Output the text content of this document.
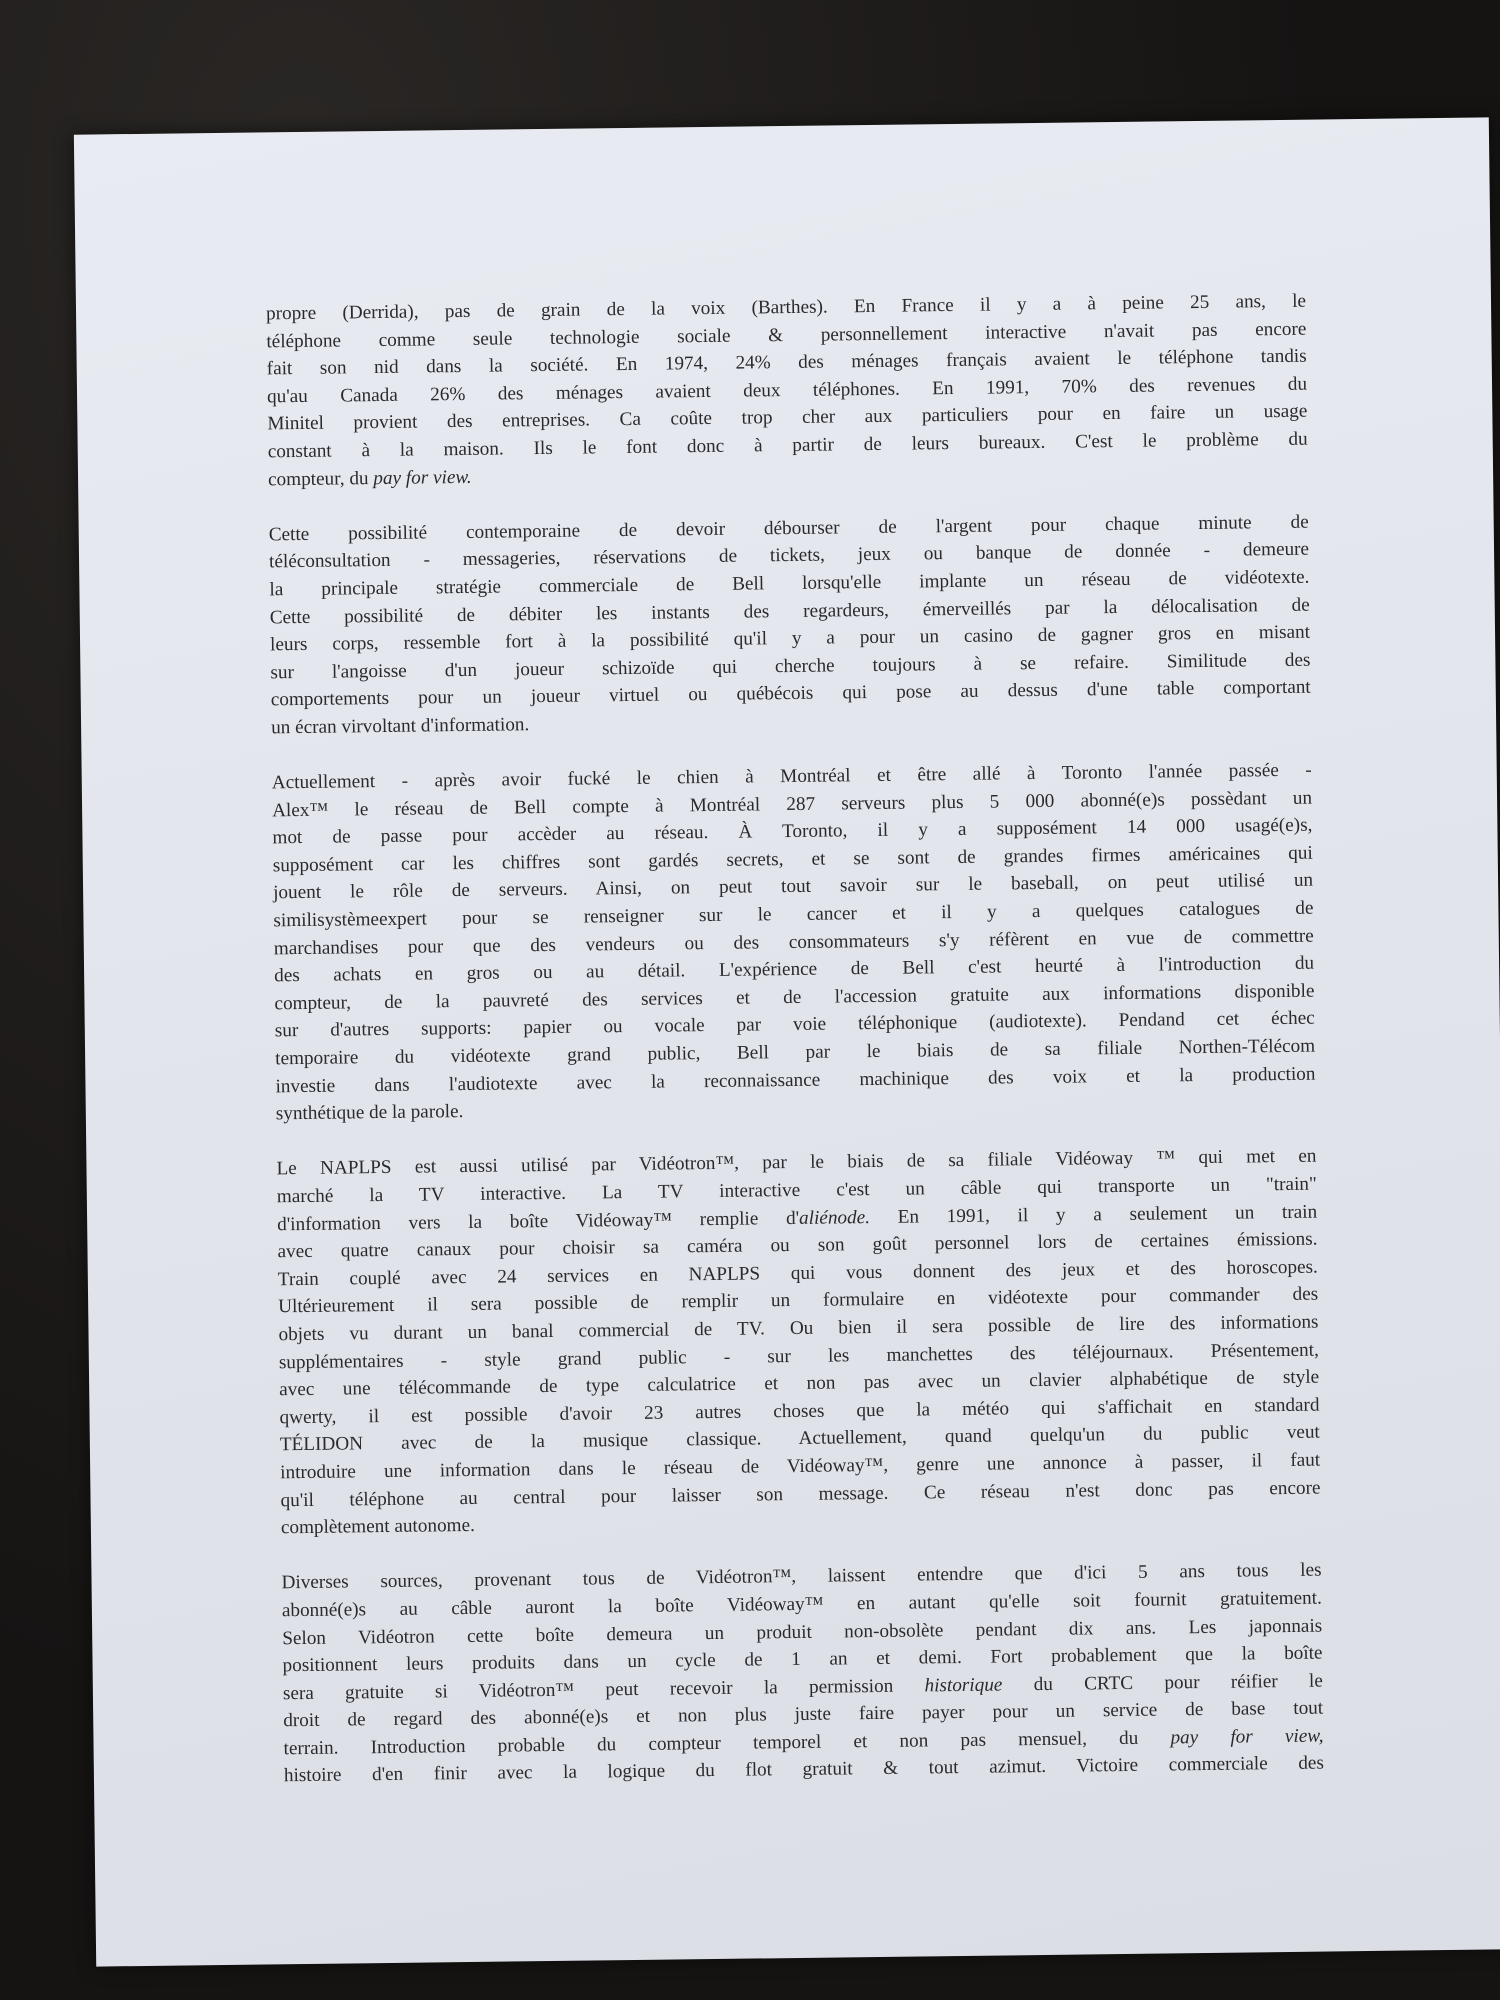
propre (Derrida), pas de grain de la voix (Barthes). En France il y a à peine 25 ans, le
téléphone comme seule technologie sociale & personnellement interactive n'avait pas encore
fait son nid dans la société. En 1974, 24% des ménages français avaient le téléphone tandis
qu'au Canada 26% des ménages avaient deux téléphones. En 1991, 70% des revenues du
Minitel provient des entreprises. Ca coûte trop cher aux particuliers pour en faire un usage
constant à la maison. Ils le font donc à partir de leurs bureaux. C'est le problème du
compteur, du pay for view.

Cette possibilité contemporaine de devoir débourser de l'argent pour chaque minute de
téléconsultation - messageries, réservations de tickets, jeux ou banque de donnée - demeure
la principale stratégie commerciale de Bell lorsqu'elle implante un réseau de vidéotexte.
Cette possibilité de débiter les instants des regardeurs, émerveillés par la délocalisation de
leurs corps, ressemble fort à la possibilité qu'il y a pour un casino de gagner gros en misant
sur l'angoisse d'un joueur schizoïde qui cherche toujours à se refaire. Similitude des
comportements pour un joueur virtuel ou québécois qui pose au dessus d'une table comportant
un écran virvoltant d'information.

Actuellement - après avoir fucké le chien à Montréal et être allé à Toronto l'année passée -
Alex™ le réseau de Bell compte à Montréal 287 serveurs plus 5 000 abonné(e)s possèdant un
mot de passe pour accèder au réseau. À Toronto, il y a supposément 14 000 usagé(e)s,
supposément car les chiffres sont gardés secrets, et se sont de grandes firmes américaines qui
jouent le rôle de serveurs. Ainsi, on peut tout savoir sur le baseball, on peut utilisé un
similisystèmeexpert pour se renseigner sur le cancer et il y a quelques catalogues de
marchandises pour que des vendeurs ou des consommateurs s'y réfèrent en vue de commettre
des achats en gros ou au détail. L'expérience de Bell c'est heurté à l'introduction du
compteur, de la pauvreté des services et de l'accession gratuite aux informations disponible
sur d'autres supports: papier ou vocale par voie téléphonique (audiotexte). Pendand cet échec
temporaire du vidéotexte grand public, Bell par le biais de sa filiale Northen-Télécom
investie dans l'audiotexte avec la reconnaissance machinique des voix et la production
synthétique de la parole.

Le NAPLPS est aussi utilisé par Vidéotron™, par le biais de sa filiale Vidéoway ™ qui met en
marché la TV interactive. La TV interactive c'est un câble qui transporte un "train"
d'information vers la boîte Vidéoway™ remplie d'aliénode. En 1991, il y a seulement un train
avec quatre canaux pour choisir sa caméra ou son goût personnel lors de certaines émissions.
Train couplé avec 24 services en NAPLPS qui vous donnent des jeux et des horoscopes.
Ultérieurement il sera possible de remplir un formulaire en vidéotexte pour commander des
objets vu durant un banal commercial de TV. Ou bien il sera possible de lire des informations
supplémentaires - style grand public - sur les manchettes des téléjournaux. Présentement,
avec une télécommande de type calculatrice et non pas avec un clavier alphabétique de style
qwerty, il est possible d'avoir 23 autres choses que la météo qui s'affichait en standard
TÉLIDON avec de la musique classique. Actuellement, quand quelqu'un du public veut
introduire une information dans le réseau de Vidéoway™, genre une annonce à passer, il faut
qu'il téléphone au central pour laisser son message. Ce réseau n'est donc pas encore
complètement autonome.

Diverses sources, provenant tous de Vidéotron™, laissent entendre que d'ici 5 ans tous les
abonné(e)s au câble auront la boîte Vidéoway™ en autant qu'elle soit fournit gratuitement.
Selon Vidéotron cette boîte demeura un produit non-obsolète pendant dix ans. Les japonnais
positionnent leurs produits dans un cycle de 1 an et demi. Fort probablement que la boîte
sera gratuite si Vidéotron™ peut recevoir la permission historique du CRTC pour réifier le
droit de regard des abonné(e)s et non plus juste faire payer pour un service de base tout
terrain. Introduction probable du compteur temporel et non pas mensuel, du pay for view,
histoire d'en finir avec la logique du flot gratuit & tout azimut. Victoire commerciale des
